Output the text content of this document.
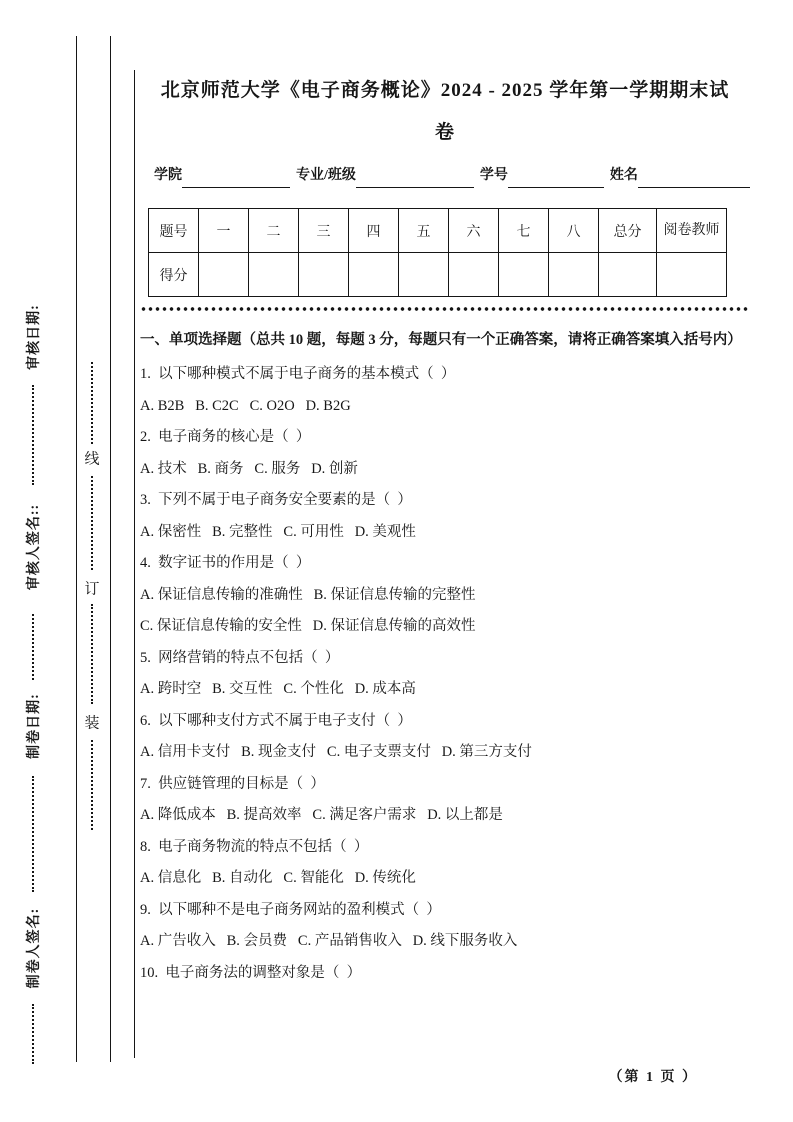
审核日期:
审核人签名::
制卷日期:
制卷人签名:
线
订
装
北京师范大学《电子商务概论》2024 - 2025 学年第一学期期末试
卷
学院	专业/班级	学号	姓名
题号	一	二	三	四	五	六	七	八	总分	阅卷教师
得分										
一、单项选择题（总共 10 题，每题 3 分，每题只有一个正确答案，请将正确答案填入括号内）

1.  以下哪种模式不属于电子商务的基本模式（  ）

A. B2B   B. C2C   C. O2O   D. B2G

2.  电子商务的核心是（  ）

A. 技术   B. 商务   C. 服务   D. 创新

3.  下列不属于电子商务安全要素的是（  ）

A. 保密性   B. 完整性   C. 可用性   D. 美观性

4.  数字证书的作用是（  ）

A. 保证信息传输的准确性   B. 保证信息传输的完整性

C. 保证信息传输的安全性   D. 保证信息传输的高效性

5.  网络营销的特点不包括（  ）

A. 跨时空   B. 交互性   C. 个性化   D. 成本高

6.  以下哪种支付方式不属于电子支付（  ）

A. 信用卡支付   B. 现金支付   C. 电子支票支付   D. 第三方支付

7.  供应链管理的目标是（  ）

A. 降低成本   B. 提高效率   C. 满足客户需求   D. 以上都是

8.  电子商务物流的特点不包括（  ）

A. 信息化   B. 自动化   C. 智能化   D. 传统化

9.  以下哪种不是电子商务网站的盈利模式（  ）

A. 广告收入   B. 会员费   C. 产品销售收入   D. 线下服务收入

10.  电子商务法的调整对象是（  ）

（第 1 页 ）
